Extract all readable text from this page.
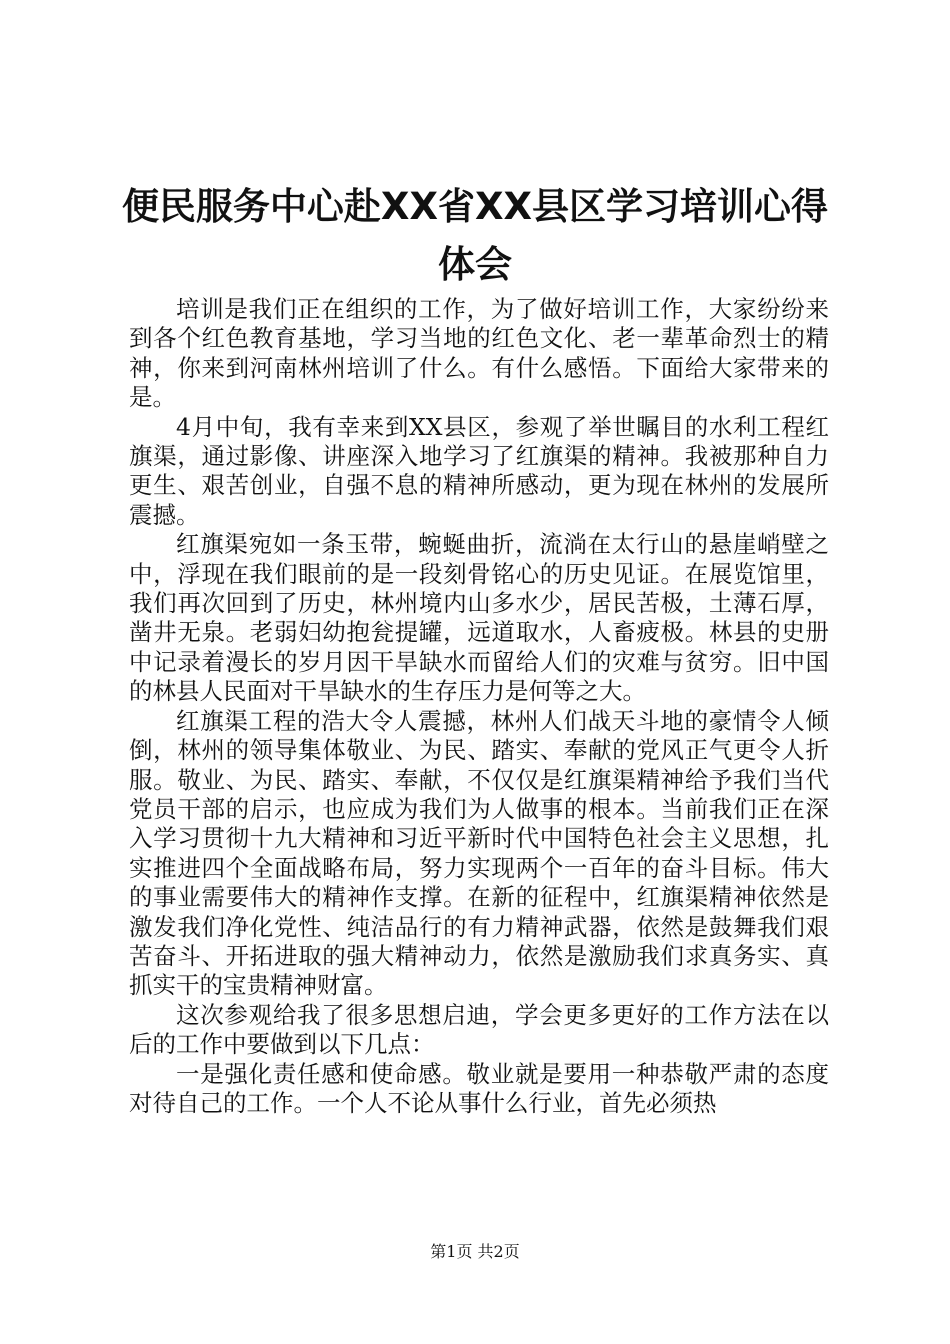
便民服务中心赴XX省XX县区学习培训心得体会

培训是我们正在组织的工作，为了做好培训工作，大家纷纷来到各个红色教育基地，学习当地的红色文化、老一辈革命烈士的精神，你来到河南林州培训了什么。有什么感悟。下面给大家带来的是。

4月中旬，我有幸来到XX县区，参观了举世瞩目的水利工程红旗渠，通过影像、讲座深入地学习了红旗渠的精神。我被那种自力更生、艰苦创业，自强不息的精神所感动，更为现在林州的发展所震撼。

红旗渠宛如一条玉带，蜿蜒曲折，流淌在太行山的悬崖峭壁之中，浮现在我们眼前的是一段刻骨铭心的历史见证。在展览馆里，我们再次回到了历史，林州境内山多水少，居民苦极，土薄石厚，凿井无泉。老弱妇幼抱瓮提罐，远道取水，人畜疲极。林县的史册中记录着漫长的岁月因干旱缺水而留给人们的灾难与贫穷。旧中国的林县人民面对干旱缺水的生存压力是何等之大。

红旗渠工程的浩大令人震撼，林州人们战天斗地的豪情令人倾倒，林州的领导集体敬业、为民、踏实、奉献的党风正气更令人折服。敬业、为民、踏实、奉献，不仅仅是红旗渠精神给予我们当代党员干部的启示，也应成为我们为人做事的根本。当前我们正在深入学习贯彻十九大精神和习近平新时代中国特色社会主义思想，扎实推进四个全面战略布局，努力实现两个一百年的奋斗目标。伟大的事业需要伟大的精神作支撑。在新的征程中，红旗渠精神依然是激发我们净化党性、纯洁品行的有力精神武器，依然是鼓舞我们艰苦奋斗、开拓进取的强大精神动力，依然是激励我们求真务实、真抓实干的宝贵精神财富。

这次参观给我了很多思想启迪，学会更多更好的工作方法在以后的工作中要做到以下几点：

一是强化责任感和使命感。敬业就是要用一种恭敬严肃的态度对待自己的工作。一个人不论从事什么行业，首先必须热

第1页 共2页
